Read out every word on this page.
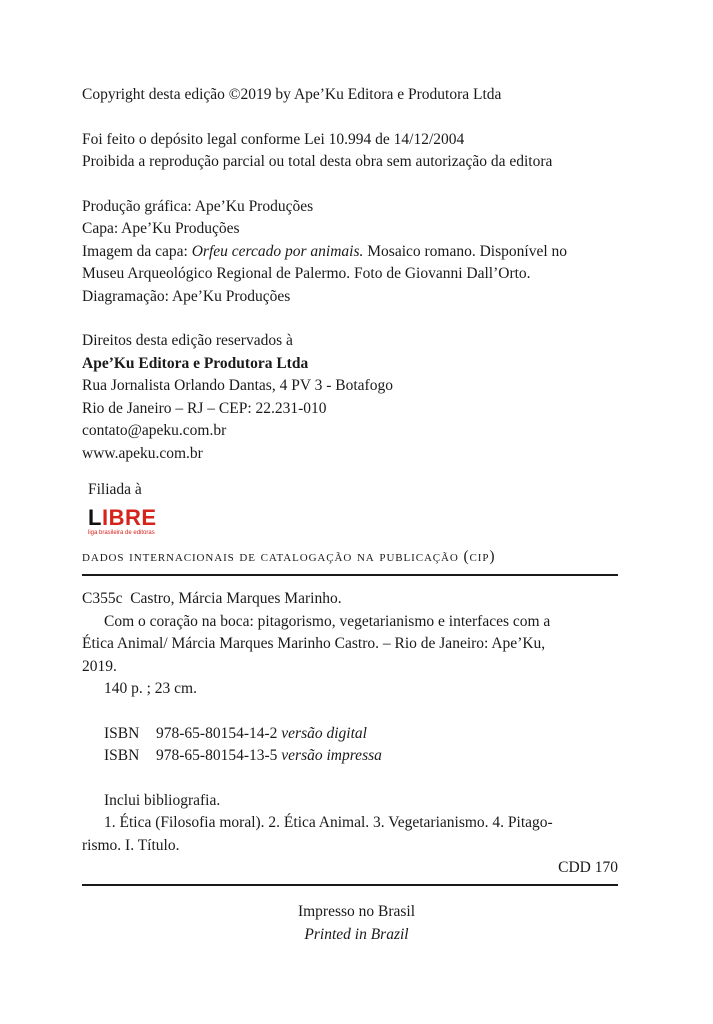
Copyright desta edição ©2019 by Ape’Ku Editora e Produtora Ltda
Foi feito o depósito legal conforme Lei 10.994 de 14/12/2004
Proibida a reprodução parcial ou total desta obra sem autorização da editora
Produção gráfica: Ape’Ku Produções
Capa: Ape’Ku Produções
Imagem da capa: Orfeu cercado por animais. Mosaico romano. Disponível no
Museu Arqueológico Regional de Palermo. Foto de Giovanni Dall’Orto.
Diagramação: Ape’Ku Produções
Direitos desta edição reservados à
Ape’Ku Editora e Produtora Ltda
Rua Jornalista Orlando Dantas, 4 PV 3 - Botafogo
Rio de Janeiro – RJ – CEP: 22.231-010
contato@apeku.com.br
www.apeku.com.br
Filiada à
LIBRE
liga brasileira de editoras
dados internacionais de catalogação na publicação (cip)
C355c  Castro, Márcia Marques Marinho.
Com o coração na boca: pitagorismo, vegetarianismo e interfaces com a
Ética Animal/ Márcia Marques Marinho Castro. – Rio de Janeiro: Ape’Ku,
2019.
140 p. ; 23 cm.
ISBN 978-65-80154-14-2 versão digital
ISBN 978-65-80154-13-5 versão impressa
Inclui bibliografia.
1. Ética (Filosofia moral). 2. Ética Animal. 3. Vegetarianismo. 4. Pitago-
rismo. I. Título.
CDD 170
Impresso no Brasil
Printed in Brazil
